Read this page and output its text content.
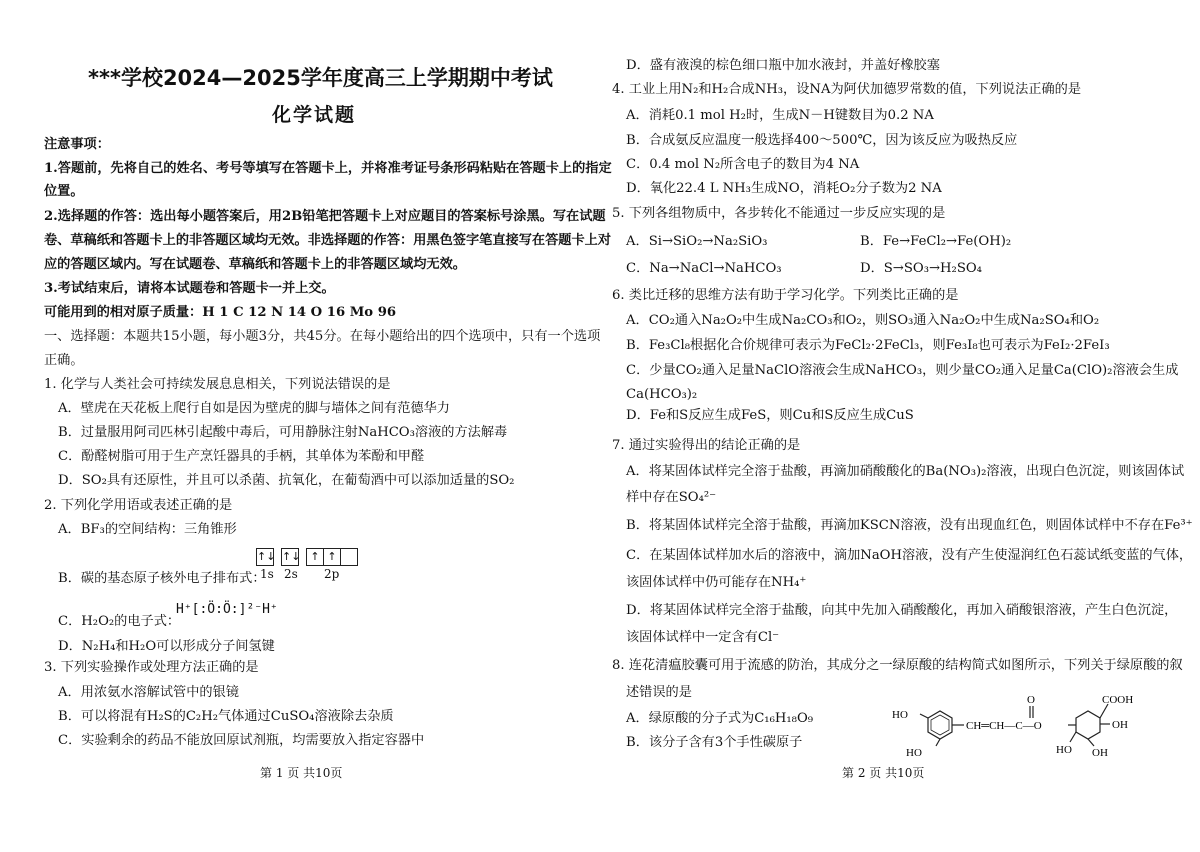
***学校2024—2025学年度高三上学期期中考试
化学试题
注意事项：
1.答题前，先将自己的姓名、考号等填写在答题卡上，并将准考证号条形码粘贴在答题卡上的指定
位置。
2.选择题的作答：选出每小题答案后，用2B铅笔把答题卡上对应题目的答案标号涂黑。写在试题
卷、草稿纸和答题卡上的非答题区域均无效。非选择题的作答：用黑色签字笔直接写在答题卡上对
应的答题区域内。写在试题卷、草稿纸和答题卡上的非答题区域均无效。
3.考试结束后，请将本试题卷和答题卡一并上交。
可能用到的相对原子质量：H 1 C 12 N 14 O 16 Mo 96
一、选择题：本题共15小题，每小题3分，共45分。在每小题给出的四个选项中，只有一个选项
正确。
1. 化学与人类社会可持续发展息息相关，下列说法错误的是
A．壁虎在天花板上爬行自如是因为壁虎的脚与墙体之间有范德华力
B．过量服用阿司匹林引起酸中毒后，可用静脉注射NaHCO₃溶液的方法解毒
C．酚醛树脂可用于生产烹饪器具的手柄，其单体为苯酚和甲醛
D．SO₂具有还原性，并且可以杀菌、抗氧化，在葡萄酒中可以添加适量的SO₂
2. 下列化学用语或表述正确的是
A．BF₃的空间结构：三角锥形
↑↓ ↑↓ ↑ ↑
1s 2s 2p
B．碳的基态原子核外电子排布式：
H⁺[:Ö:Ö:]²⁻H⁺
C．H₂O₂的电子式：
D．N₂H₄和H₂O可以形成分子间氢键
3. 下列实验操作或处理方法正确的是
A．用浓氨水溶解试管中的银镜
B．可以将混有H₂S的C₂H₂气体通过CuSO₄溶液除去杂质
C．实验剩余的药品不能放回原试剂瓶，均需要放入指定容器中
第 1 页 共10页
D．盛有液溴的棕色细口瓶中加水液封，并盖好橡胶塞
4. 工业上用N₂和H₂合成NH₃，设NA为阿伏加德罗常数的值，下列说法正确的是
A．消耗0.1 mol H₂时，生成N－H键数目为0.2 NA
B．合成氨反应温度一般选择400～500℃，因为该反应为吸热反应
C．0.4 mol N₂所含电子的数目为4 NA
D．氧化22.4 L NH₃生成NO，消耗O₂分子数为2 NA
5. 下列各组物质中，各步转化不能通过一步反应实现的是
A．Si→SiO₂→Na₂SiO₃	B．Fe→FeCl₂→Fe(OH)₂
C．Na→NaCl→NaHCO₃	D．S→SO₃→H₂SO₄
6. 类比迁移的思维方法有助于学习化学。下列类比正确的是
A．CO₂通入Na₂O₂中生成Na₂CO₃和O₂，则SO₃通入Na₂O₂中生成Na₂SO₄和O₂
B．Fe₃Cl₈根据化合价规律可表示为FeCl₂·2FeCl₃，则Fe₃I₈也可表示为FeI₂·2FeI₃
C．少量CO₂通入足量NaClO溶液会生成NaHCO₃，则少量CO₂通入足量Ca(ClO)₂溶液会生成
Ca(HCO₃)₂
D．Fe和S反应生成FeS，则Cu和S反应生成CuS
7. 通过实验得出的结论正确的是
A．将某固体试样完全溶于盐酸，再滴加硝酸酸化的Ba(NO₃)₂溶液，出现白色沉淀，则该固体试
样中存在SO₄²⁻
B．将某固体试样完全溶于盐酸，再滴加KSCN溶液，没有出现血红色，则固体试样中不存在Fe³⁺
C．在某固体试样加水后的溶液中，滴加NaOH溶液，没有产生使湿润红色石蕊试纸变蓝的气体，
该固体试样中仍可能存在NH₄⁺
D．将某固体试样完全溶于盐酸，向其中先加入硝酸酸化，再加入硝酸银溶液，产生白色沉淀，
该固体试样中一定含有Cl⁻
8. 连花清瘟胶囊可用于流感的防治，其成分之一绿原酸的结构简式如图所示，下列关于绿原酸的叙
述错误的是
A．绿原酸的分子式为C₁₆H₁₈O₉
B．该分子含有3个手性碳原子
HO
HO
CH═CH—C—O
O	COOH
OH
HO OH
第 2 页 共10页
